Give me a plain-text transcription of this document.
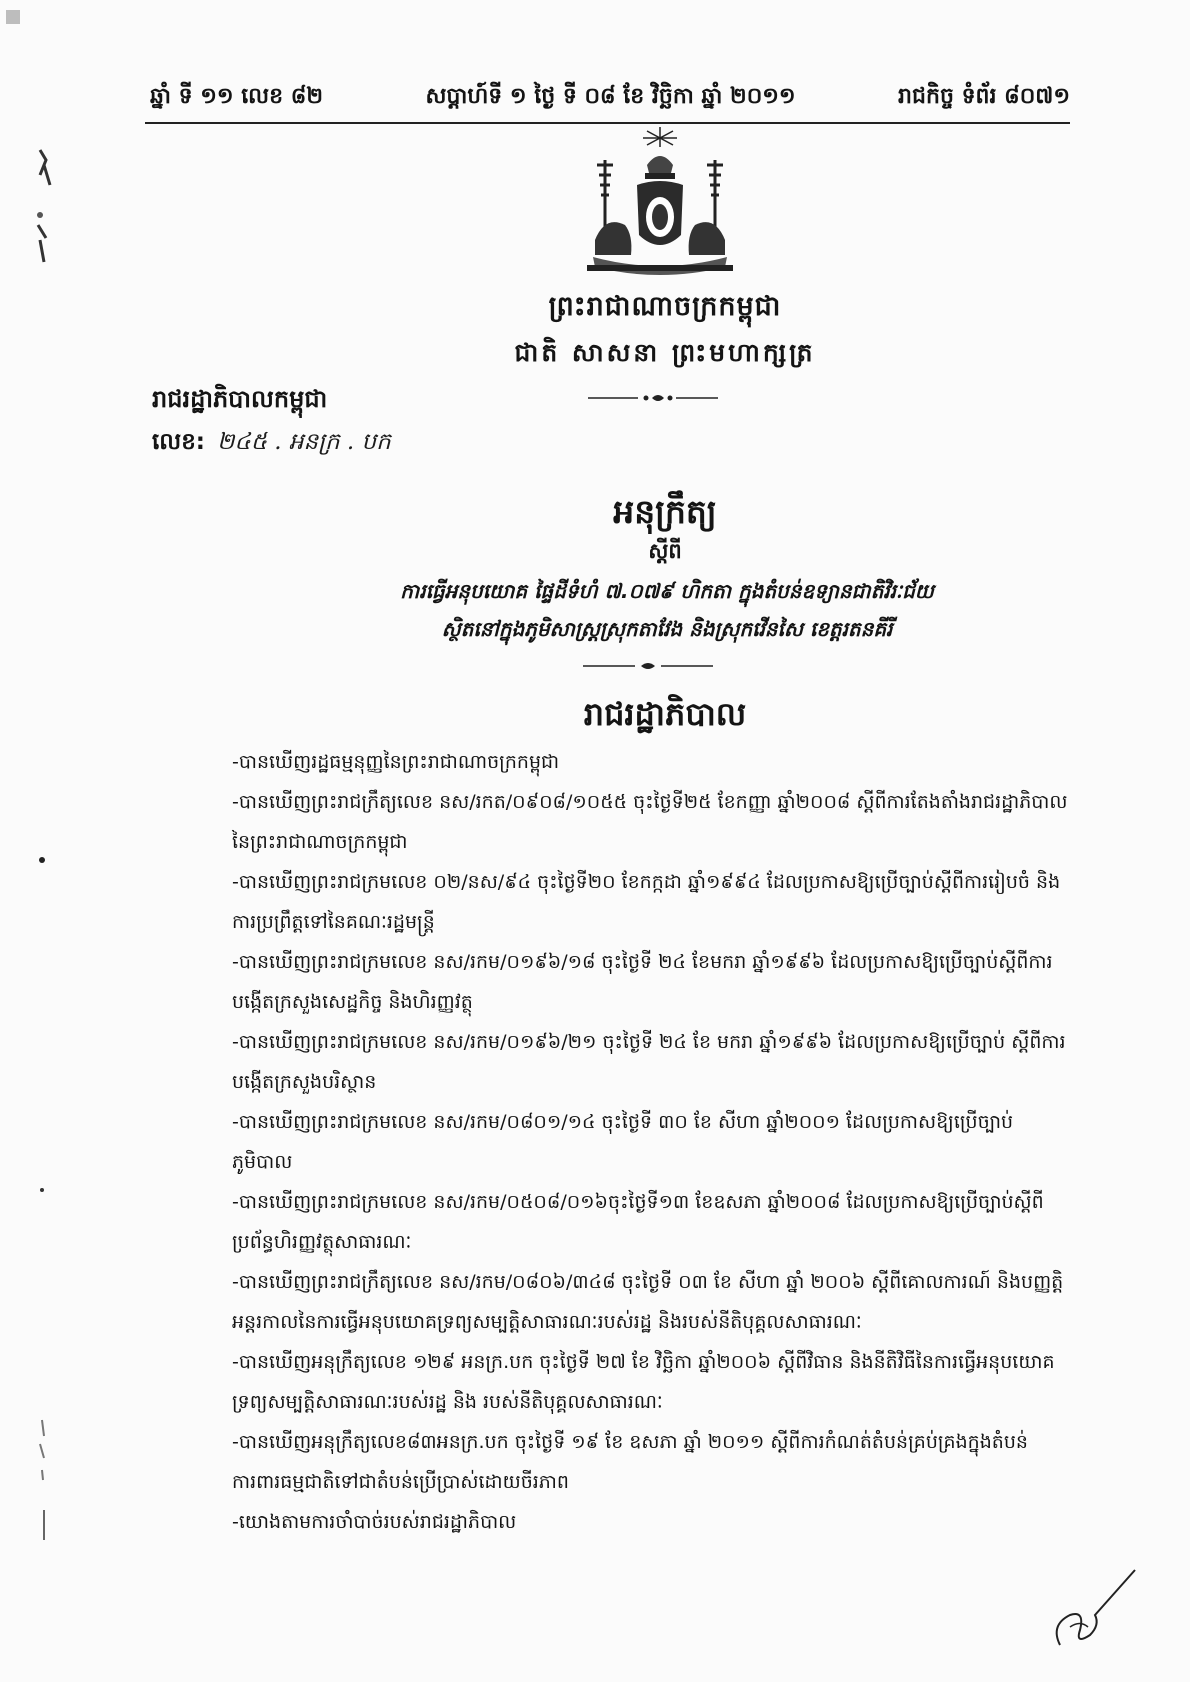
ឆ្នាំ ទី ១១ លេខ ៨២	សប្តាហ៍ទី ១ ថ្ងៃ ទី ០៨ ខែ វិច្ឆិកា ឆ្នាំ ២០១១	រាជកិច្ច ទំព័រ ៨០៧១
ព្រះរាជាណាចក្រកម្ពុជា
ជាតិ សាសនា ព្រះមហាក្សត្រ
រាជរដ្ឋាភិបាលកម្ពុជា
លេខ: ២៤៥ . អនក្រ . បក
អនុក្រឹត្យ
ស្តីពី
ការធ្វើអនុបយោគ ផ្ទៃដីទំហំ ៧.០៧៩ ហិកតា ក្នុងតំបន់ឧទ្យានជាតិវិរៈជ័យ
ស្ថិតនៅក្នុងភូមិសាស្ត្រស្រុកតាវែង និងស្រុកវើនសៃ ខេត្តរតនគីរី
រាជរដ្ឋាភិបាល

-បានឃើញរដ្ឋធម្មនុញ្ញនៃព្រះរាជាណាចក្រកម្ពុជា

-បានឃើញព្រះរាជក្រឹត្យលេខ នស/រកត/០៩០៨/១០៥៥ ចុះថ្ងៃទី២៥ ខែកញ្ញា ឆ្នាំ២០០៨ ស្តីពីការតែងតាំងរាជរដ្ឋាភិបាលនៃព្រះរាជាណាចក្រកម្ពុជា

-បានឃើញព្រះរាជក្រមលេខ ០២/នស/៩៤ ចុះថ្ងៃទី២០ ខែកក្កដា ឆ្នាំ១៩៩៤ ដែលប្រកាសឱ្យប្រើច្បាប់ស្តីពីការរៀបចំ និងការប្រព្រឹត្តទៅនៃគណៈរដ្ឋមន្ត្រី

-បានឃើញព្រះរាជក្រមលេខ នស/រកម/០១៩៦/១៨ ចុះថ្ងៃទី ២៤ ខែមករា ឆ្នាំ១៩៩៦ ដែលប្រកាសឱ្យប្រើច្បាប់ស្តីពីការបង្កើតក្រសួងសេដ្ឋកិច្ច និងហិរញ្ញវត្ថុ

-បានឃើញព្រះរាជក្រមលេខ នស/រកម/០១៩៦/២១ ចុះថ្ងៃទី ២៤ ខែ មករា ឆ្នាំ១៩៩៦ ដែលប្រកាសឱ្យប្រើច្បាប់ ស្តីពីការបង្កើតក្រសួងបរិស្ថាន

-បានឃើញព្រះរាជក្រមលេខ នស/រកម/០៨០១/១៤ ចុះថ្ងៃទី ៣០ ខែ សីហា ឆ្នាំ២០០១ ដែលប្រកាសឱ្យប្រើច្បាប់ភូមិបាល

-បានឃើញព្រះរាជក្រមលេខ នស/រកម/០៥០៨/០១៦ចុះថ្ងៃទី១៣ ខែឧសភា ឆ្នាំ២០០៨ ដែលប្រកាសឱ្យប្រើច្បាប់ស្តីពីប្រព័ន្ធហិរញ្ញវត្ថុសាធារណៈ

-បានឃើញព្រះរាជក្រឹត្យលេខ នស/រកម/០៨០៦/៣៤៨ ចុះថ្ងៃទី ០៣ ខែ សីហា ឆ្នាំ ២០០៦ ស្តីពីគោលការណ៍ និងបញ្ញត្តិអន្តរកាលនៃការធ្វើអនុបយោគទ្រព្យសម្បត្តិសាធារណៈរបស់រដ្ឋ និងរបស់នីតិបុគ្គលសាធារណៈ

-បានឃើញអនុក្រឹត្យលេខ ១២៩ អនក្រ.បក ចុះថ្ងៃទី ២៧ ខែ វិច្ឆិកា ឆ្នាំ២០០៦ ស្តីពីវិធាន និងនីតិវិធីនៃការធ្វើអនុបយោគទ្រព្យសម្បត្តិសាធារណៈរបស់រដ្ឋ និង របស់នីតិបុគ្គលសាធារណៈ

-បានឃើញអនុក្រឹត្យលេខ៨៣អនក្រ.បក ចុះថ្ងៃទី ១៩ ខែ ឧសភា ឆ្នាំ ២០១១ ស្តីពីការកំណត់តំបន់គ្រប់គ្រងក្នុងតំបន់ការពារធម្មជាតិទៅជាតំបន់ប្រើប្រាស់ដោយចីរភាព

-យោងតាមការចាំបាច់របស់រាជរដ្ឋាភិបាល
